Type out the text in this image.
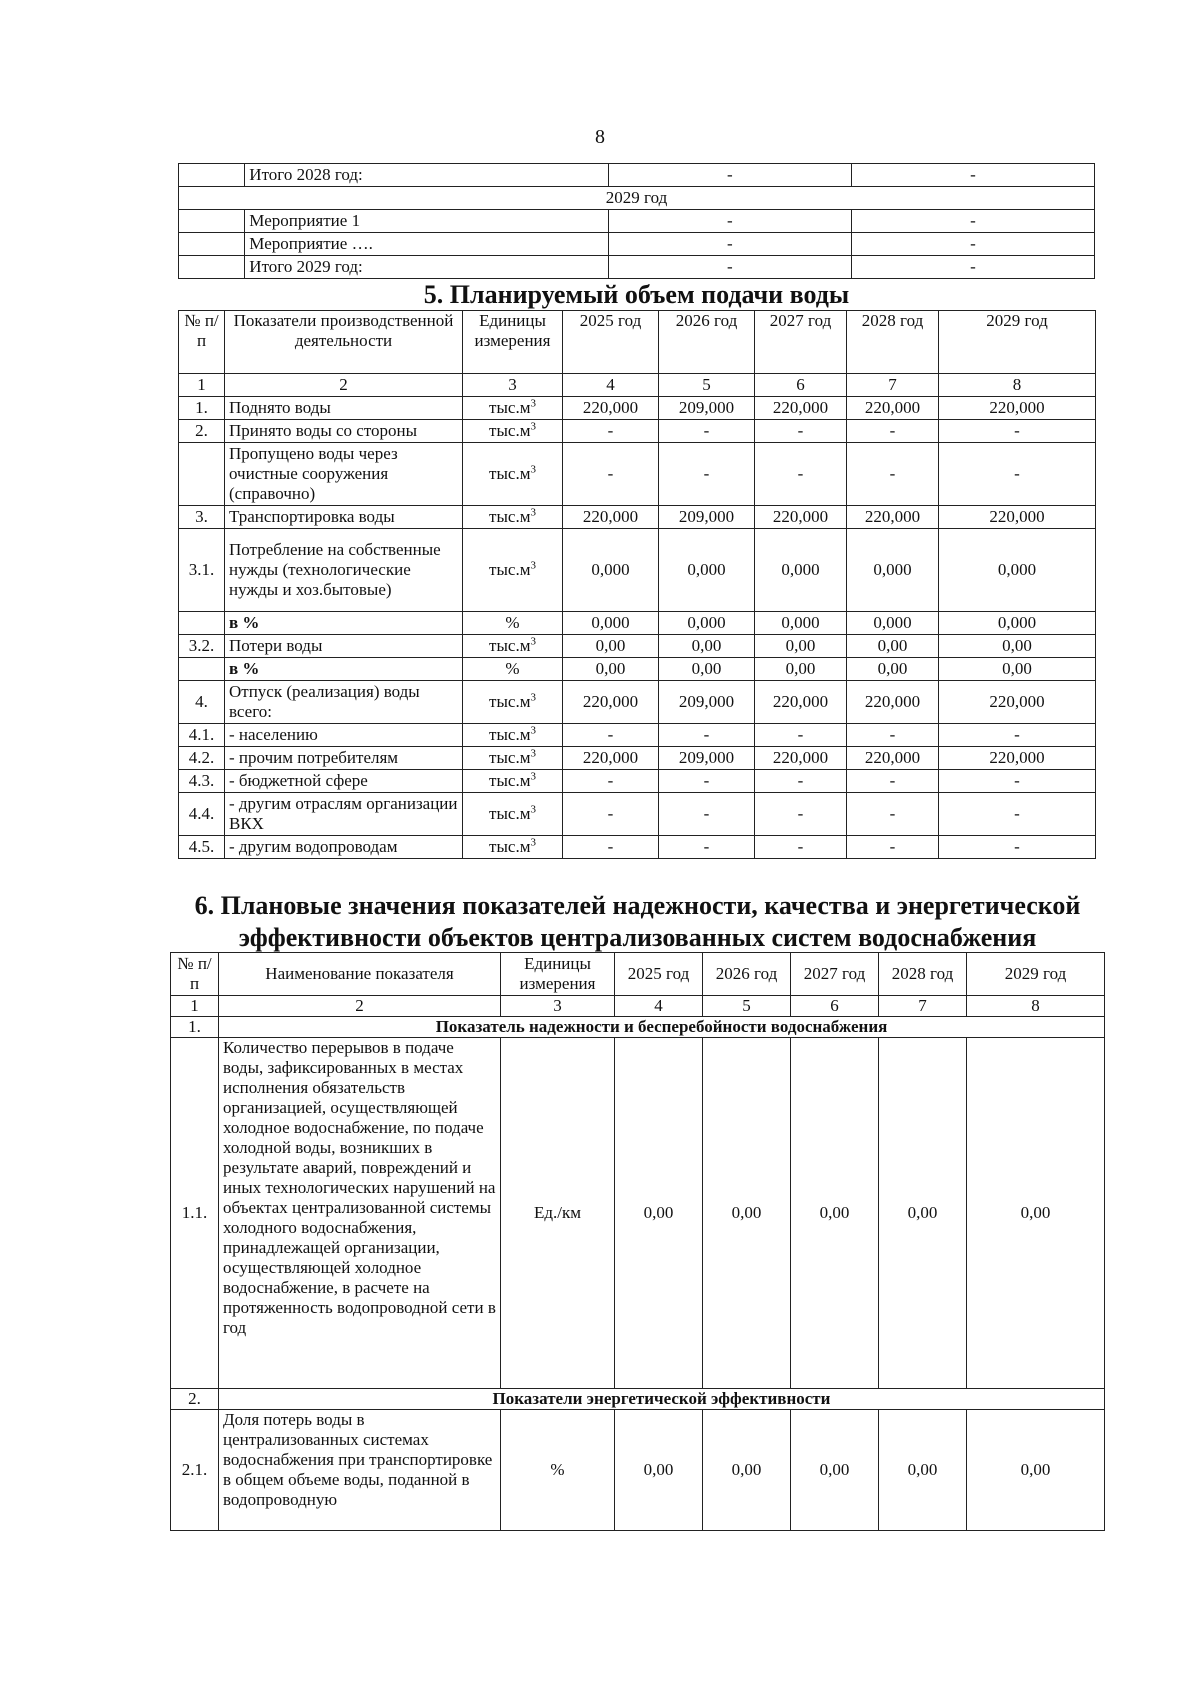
8
	Итого 2028 год:	-	-
2029 год			
	Мероприятие 1	-	-
	Мероприятие ….	-	-
	Итого 2029 год:	-	-
5. Планируемый объем подачи воды
№ п/п	Показатели производственной деятельности	Единицы измерения	2025 год	2026 год	2027 год	2028 год	2029 год
1	2	3	4	5	6	7	8
1.	Поднято воды	$тыс.м^3$	220,000	209,000	220,000	220,000	220,000
2.	Принято воды со стороны	$тыс.м^3$	-	-	-	-	-
	Пропущено воды через очистные сооружения (справочно)	$тыс.м^3$	-	-	-	-	-
3.	Транспортировка воды	$тыс.м^3$	220,000	209,000	220,000	220,000	220,000
3.1.	Потребление на собственные нужды (технологические нужды и хоз.бытовые)	$тыс.м^3$	0,000	0,000	0,000	0,000	0,000
	в %	%	0,000	0,000	0,000	0,000	0,000
3.2.	Потери воды	$тыс.м^3$	0,00	0,00	0,00	0,00	0,00
	в %	%	0,00	0,00	0,00	0,00	0,00
4.	Отпуск (реализация) воды всего:	$тыс.м^3$	220,000	209,000	220,000	220,000	220,000
4.1.	- населению	$тыс.м^3$	-	-	-	-	-
4.2.	- прочим потребителям	$тыс.м^3$	220,000	209,000	220,000	220,000	220,000
4.3.	- бюджетной сфере	$тыс.м^3$	-	-	-	-	-
4.4.	- другим отраслям организации ВКХ	$тыс.м^3$	-	-	-	-	-
4.5.	- другим водопроводам	$тыс.м^3$	-	-	-	-	-
6. Плановые значения показателей надежности, качества и энергетической эффективности объектов централизованных систем водоснабжения
№ п/п	Наименование показателя	Единицы измерения	2025 год	2026 год	2027 год	2028 год	2029 год
1	2	3	4	5	6	7	8
1.	Показатель надежности и бесперебойности водоснабжения						
1.1.	Количество перерывов в подаче воды, зафиксированных в местах исполнения обязательств организацией, осуществляющей холодное водоснабжение, по подаче холодной воды, возникших в результате аварий, повреждений и иных технологических нарушений на объектах централизованной системы холодного водоснабжения, принадлежащей организации, осуществляющей холодное водоснабжение, в расчете на протяженность водопроводной сети в год	Ед./км	0,00	0,00	0,00	0,00	0,00
2.	Показатели энергетической эффективности						
2.1.	Доля потерь воды в централизованных системах водоснабжения при транспортировке в общем объеме воды, поданной в водопроводную	%	0,00	0,00	0,00	0,00	0,00
